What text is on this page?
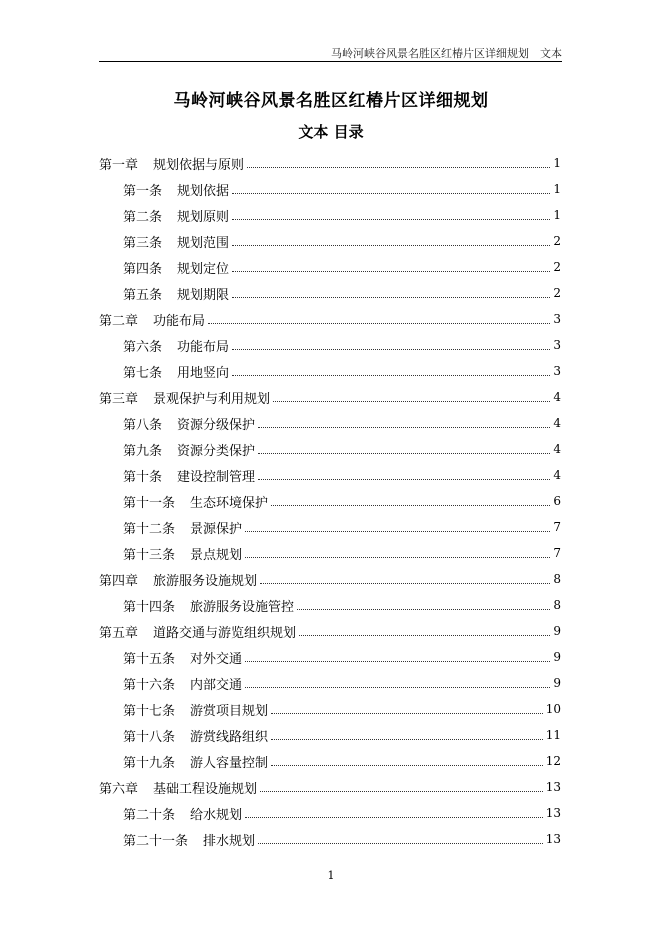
马岭河峡谷风景名胜区红椿片区详细规划　文本
马岭河峡谷风景名胜区红椿片区详细规划
文本 目录
第一章 规划依据与原则	1
第一条 规划依据	1
第二条 规划原则	1
第三条 规划范围	2
第四条 规划定位	2
第五条 规划期限	2
第二章 功能布局	3
第六条 功能布局	3
第七条 用地竖向	3
第三章 景观保护与利用规划	4
第八条 资源分级保护	4
第九条 资源分类保护	4
第十条 建设控制管理	4
第十一条 生态环境保护	6
第十二条 景源保护	7
第十三条 景点规划	7
第四章 旅游服务设施规划	8
第十四条 旅游服务设施管控	8
第五章 道路交通与游览组织规划	9
第十五条 对外交通	9
第十六条 内部交通	9
第十七条 游赏项目规划	10
第十八条 游赏线路组织	11
第十九条 游人容量控制	12
第六章 基础工程设施规划	13
第二十条 给水规划	13
第二十一条 排水规划	13
1
